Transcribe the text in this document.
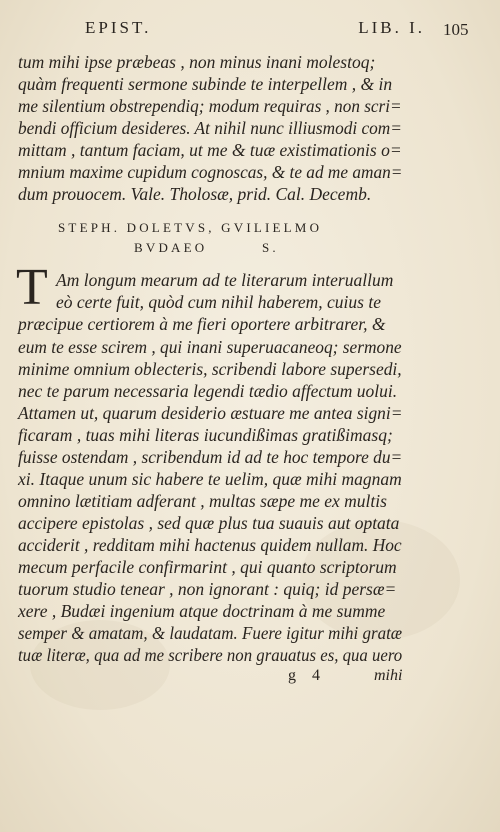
EPIST.	LIB. I. 105
tum mihi ipse præbeas , non minus inani molestoq;
quàm frequenti sermone subinde te interpellem , & in
me silentium obstrependiq; modum requiras , non scri=
bendi officium desideres. At nihil nunc illiusmodi com=
mittam , tantum faciam, ut me & tuæ existimationis o=
mnium maxime cupidum cognoscas, & te ad me aman=
dum prouocem. Vale. Tholosæ, prid. Cal. Decemb.
STEPH. DOLETVS, GVILIELMO
BVDAEO	S.
T Am longum mearum ad te literarum interuallum
eò certe fuit, quòd cum nihil haberem, cuius te
præcipue certiorem à me fieri oportere arbitrarer, &
eum te esse scirem , qui inani superuacaneoq; sermone
minime omnium oblecteris, scribendi labore supersedi,
nec te parum necessaria legendi tædio affectum uolui.
Attamen ut, quarum desiderio æstuare me antea signi=
ficaram , tuas mihi literas iucundißimas gratißimasq;
fuisse ostendam , scribendum id ad te hoc tempore du=
xi. Itaque unum sic habere te uelim, quæ mihi magnam
omnino lætitiam adferant , multas sæpe me ex multis
accipere epistolas , sed quæ plus tua suauis aut optata
acciderit , redditam mihi hactenus quidem nullam. Hoc
mecum perfacile confirmarint , qui quanto scriptorum
tuorum studio tenear , non ignorant : quiq; id persæ=
xere , Budæi ingenium atque doctrinam à me summe
semper & amatam, & laudatam. Fuere igitur mihi gratæ
tuæ literæ, qua ad me scribere non grauatus es, qua uero
g 4	mihi
